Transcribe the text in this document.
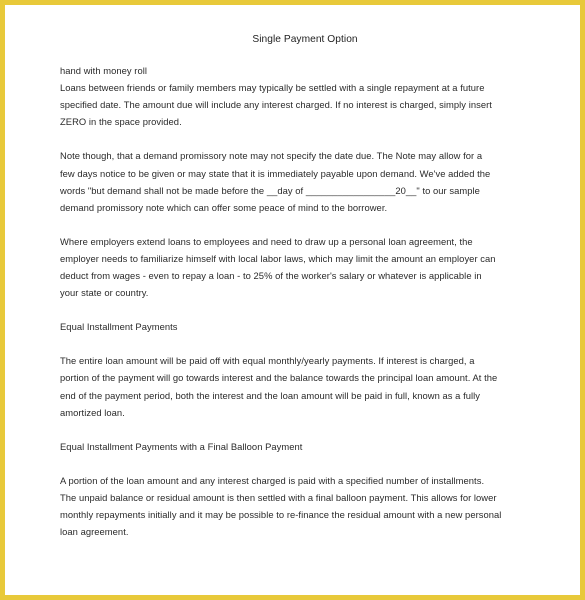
Single Payment Option
hand with money roll
Loans between friends or family members may typically be settled with a single repayment at a future
specified date. The amount due will include any interest charged. If no interest is charged, simply insert
ZERO in the space provided.
Note though, that a demand promissory note may not specify the date due. The Note may allow for a
few days notice to be given or may state that it is immediately payable upon demand. We've added the
words "but demand shall not be made before the __day of _________________20__" to our sample
demand promissory note which can offer some peace of mind to the borrower.
Where employers extend loans to employees and need to draw up a personal loan agreement, the
employer needs to familiarize himself with local labor laws, which may limit the amount an employer can
deduct from wages - even to repay a loan - to 25% of the worker's salary or whatever is applicable in
your state or country.
Equal Installment Payments
The entire loan amount will be paid off with equal monthly/yearly payments. If interest is charged, a
portion of the payment will go towards interest and the balance towards the principal loan amount. At the
end of the payment period, both the interest and the loan amount will be paid in full, known as a fully
amortized loan.
Equal Installment Payments with a Final Balloon Payment
A portion of the loan amount and any interest charged is paid with a specified number of installments.
The unpaid balance or residual amount is then settled with a final balloon payment. This allows for lower
monthly repayments initially and it may be possible to re-finance the residual amount with a new personal
loan agreement.
